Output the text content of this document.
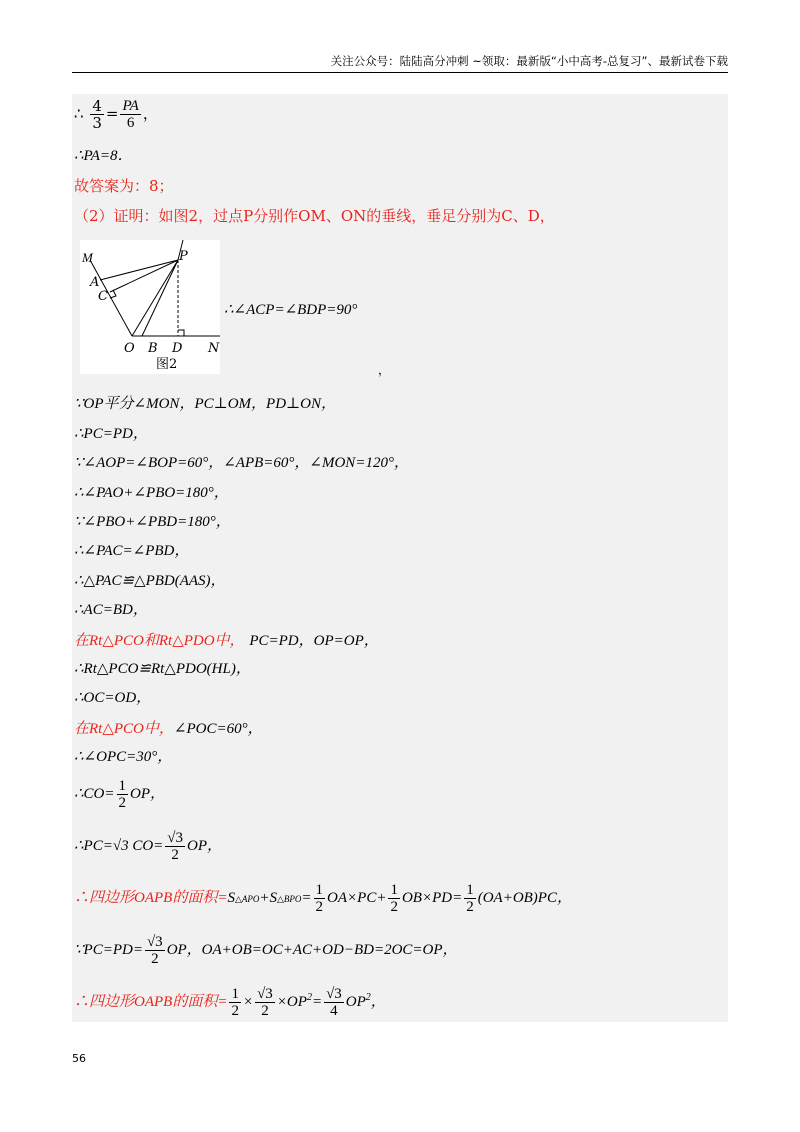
关注公众号：陆陆高分冲刺 ~领取：最新版“小中高考-总复习”、最新试卷下载
∴ $\frac{4}{3} = \frac{PA}{6}$ ，
∴PA=8．
故答案为：8；
（2）证明：如图2，过点P分别作OM、ON的垂线，垂足分别为C、D，
M
A
C
P
O B D N
图2
∴∠ACP=∠BDP=90°
，
∵OP平分∠MON，PC⊥OM，PD⊥ON，
∴PC=PD，
∵∠AOP=∠BOP=60°，∠APB=60°，∠MON=120°，
∴∠PAO+∠PBO=180°，
∵∠PBO+∠PBD=180°，
∴∠PAC=∠PBD，
∴△PAC≌△PBD(AAS)，
∴AC=BD，
在Rt△PCO和Rt△PDO中， PC=PD，OP=OP，
∴Rt△PCO≌Rt△PDO(HL)，
∴OC=OD，
在Rt△PCO中，∠POC=60°，
∴∠OPC=30°，
∴CO= $\frac{1}{2}$ OP，
∴PC=√3 $CO= \frac{√3}{2}$ OP，
∴四边形OAPB的面积=S△APO+S△BPO= $\frac{1}{2} OA\times PC+ \frac{1}{2} OB\times PD= \frac{1}{2} (OA+OB)PC$，
∵PC=PD= $\frac{√3}{2}$ OP，OA+OB=OC+AC+OD−BD=2OC=OP，
∴四边形OAPB的面积= $\frac{1}{2} \times \frac{√3}{2} \times OP^2= \frac{√3}{4} OP^2$，
56
